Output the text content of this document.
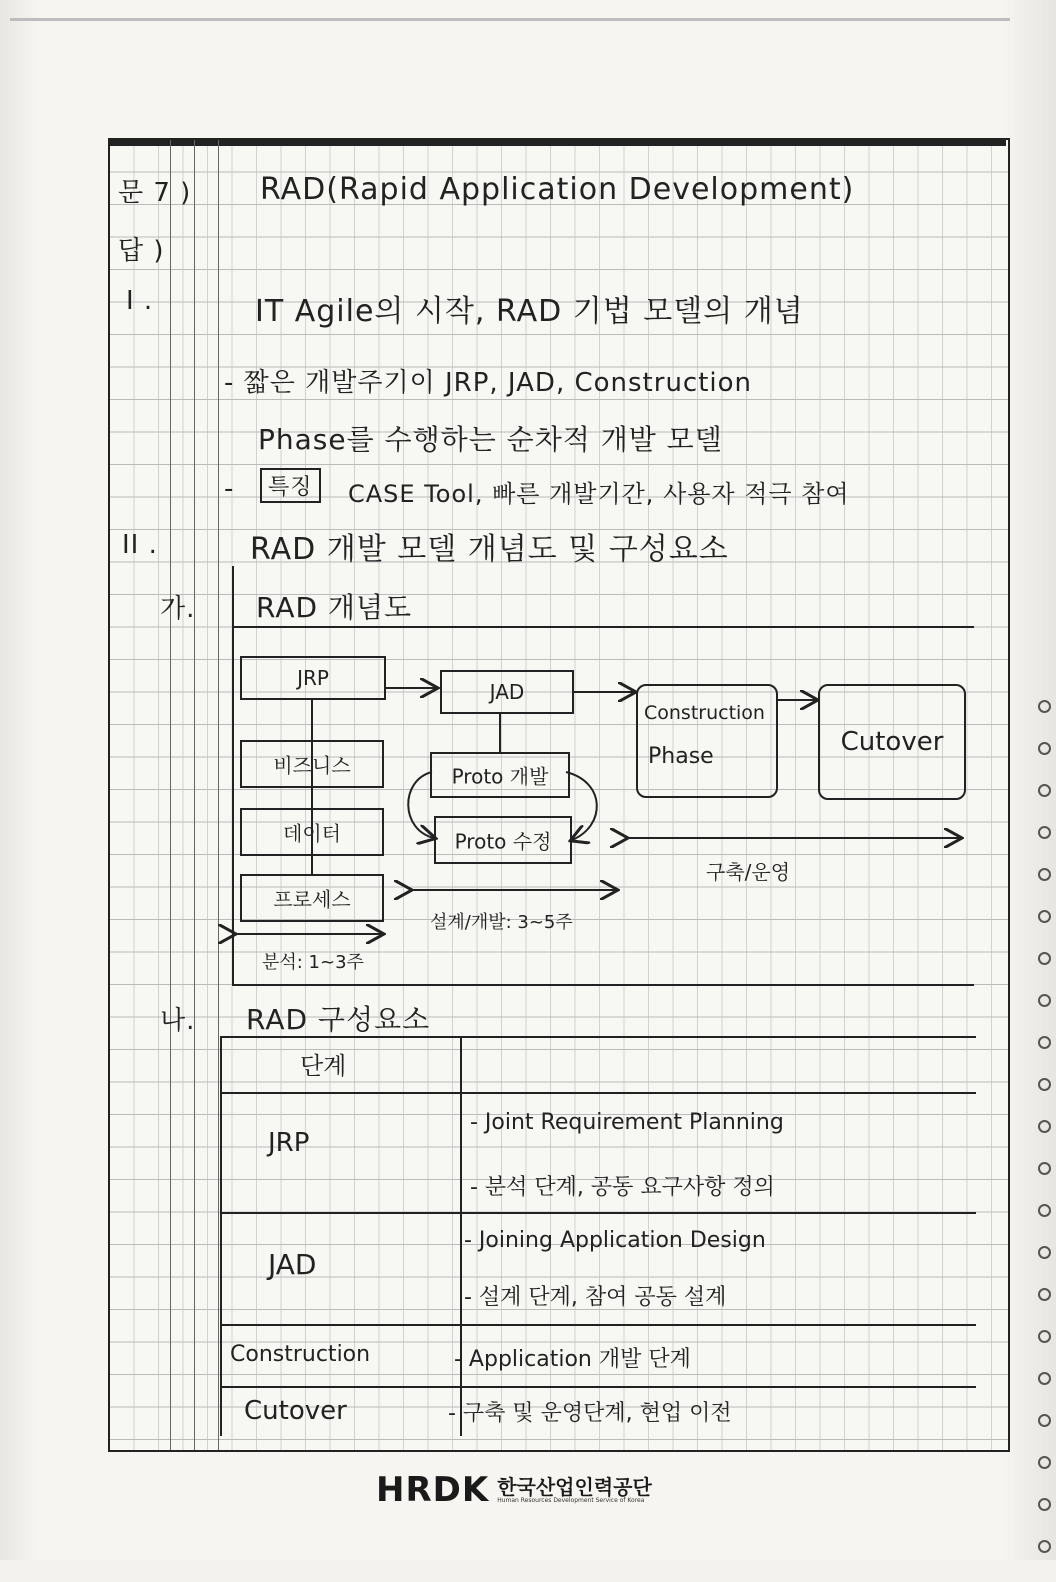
문 7 ) RAD(Rapid Application Development)
답 )
I .	IT Agile의 시작, RAD 기법 모델의 개념
- 짧은 개발주기이 JRP, JAD, Construction
Phase를 수행하는 순차적 개발 모델
-	특징	CASE Tool, 빠른 개발기간, 사용자 적극 참여
II .	RAD 개발 모델 개념도 및 구성요소
가. RAD 개념도
JRP
JAD
Construction
Phase	Cutover
비즈니스
데이터
프로세스
Proto 개발
Proto 수정
구축/운영
설계/개발: 3~5주
분석: 1~3주
나. RAD 구성요소
단계
JRP
- Joint Requirement Planning
- 분석 단계, 공동 요구사항 정의
JAD
- Joining Application Design
- 설계 단계, 참여 공동 설계
Construction	- Application 개발 단계
Cutover	- 구축 및 운영단계, 현업 이전
HRDK 한국산업인력공단
Human Resources Development Service of Korea
